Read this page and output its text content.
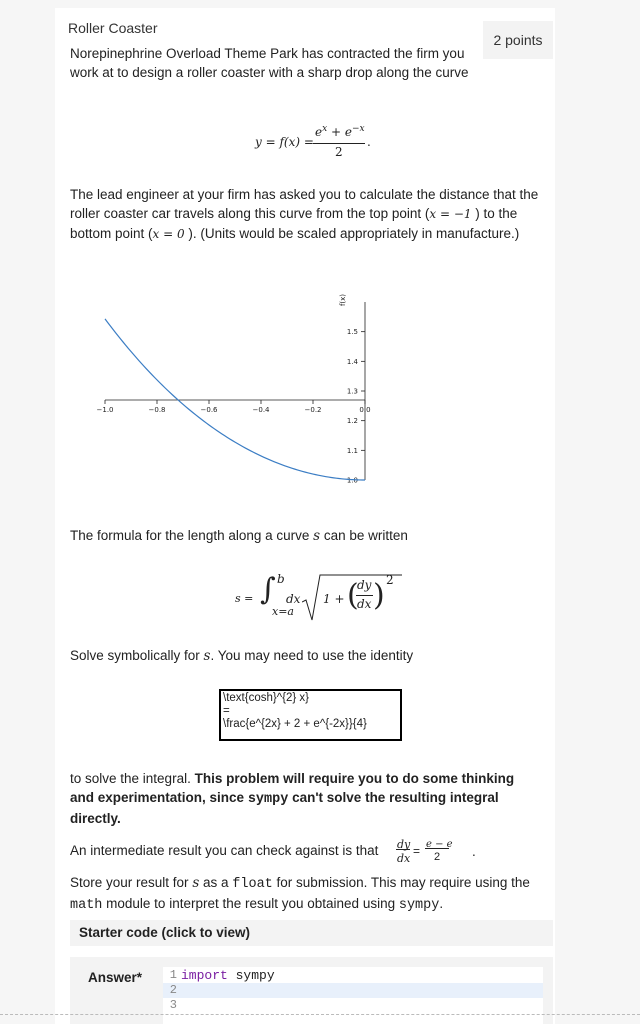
Roller Coaster
2 points
Norepinephrine Overload Theme Park has contracted the firm you work at to design a roller coaster with a sharp drop along the curve
y = f(x) =
$e^x + e^{-x}$
2
.
The lead engineer at your firm has asked you to calculate the distance that the roller coaster car travels along this curve from the top point (x = −1 ) to the bottom point (x = 0 ). (Units would be scaled appropriately in manufacture.)
−1.0	−0.8	−0.6	−0.4	−0.2	0.0
1.0
1.1
1.2
1.3
1.4
1.5
f(x)
The formula for the length along a curve s can be written
s = ∫ b
x=a
dx 1 + (
dy
dx ) 2
Solve symbolically for s. You may need to use the identity
\text{cosh}^{2} x}
=
\frac{e^{2x} + 2 + e^{-2x}}{4}
to solve the integral. This problem will require you to do some thinking and experimentation, since sympy can't solve the resulting integral directly.
An intermediate result you can check against is that dy
dx
= e − e
2 .
Store your result for s as a float for submission. This may require using the math module to interpret the result you obtained using sympy.
Starter code (click to view)
Answer*	1
2
3
import sympy
